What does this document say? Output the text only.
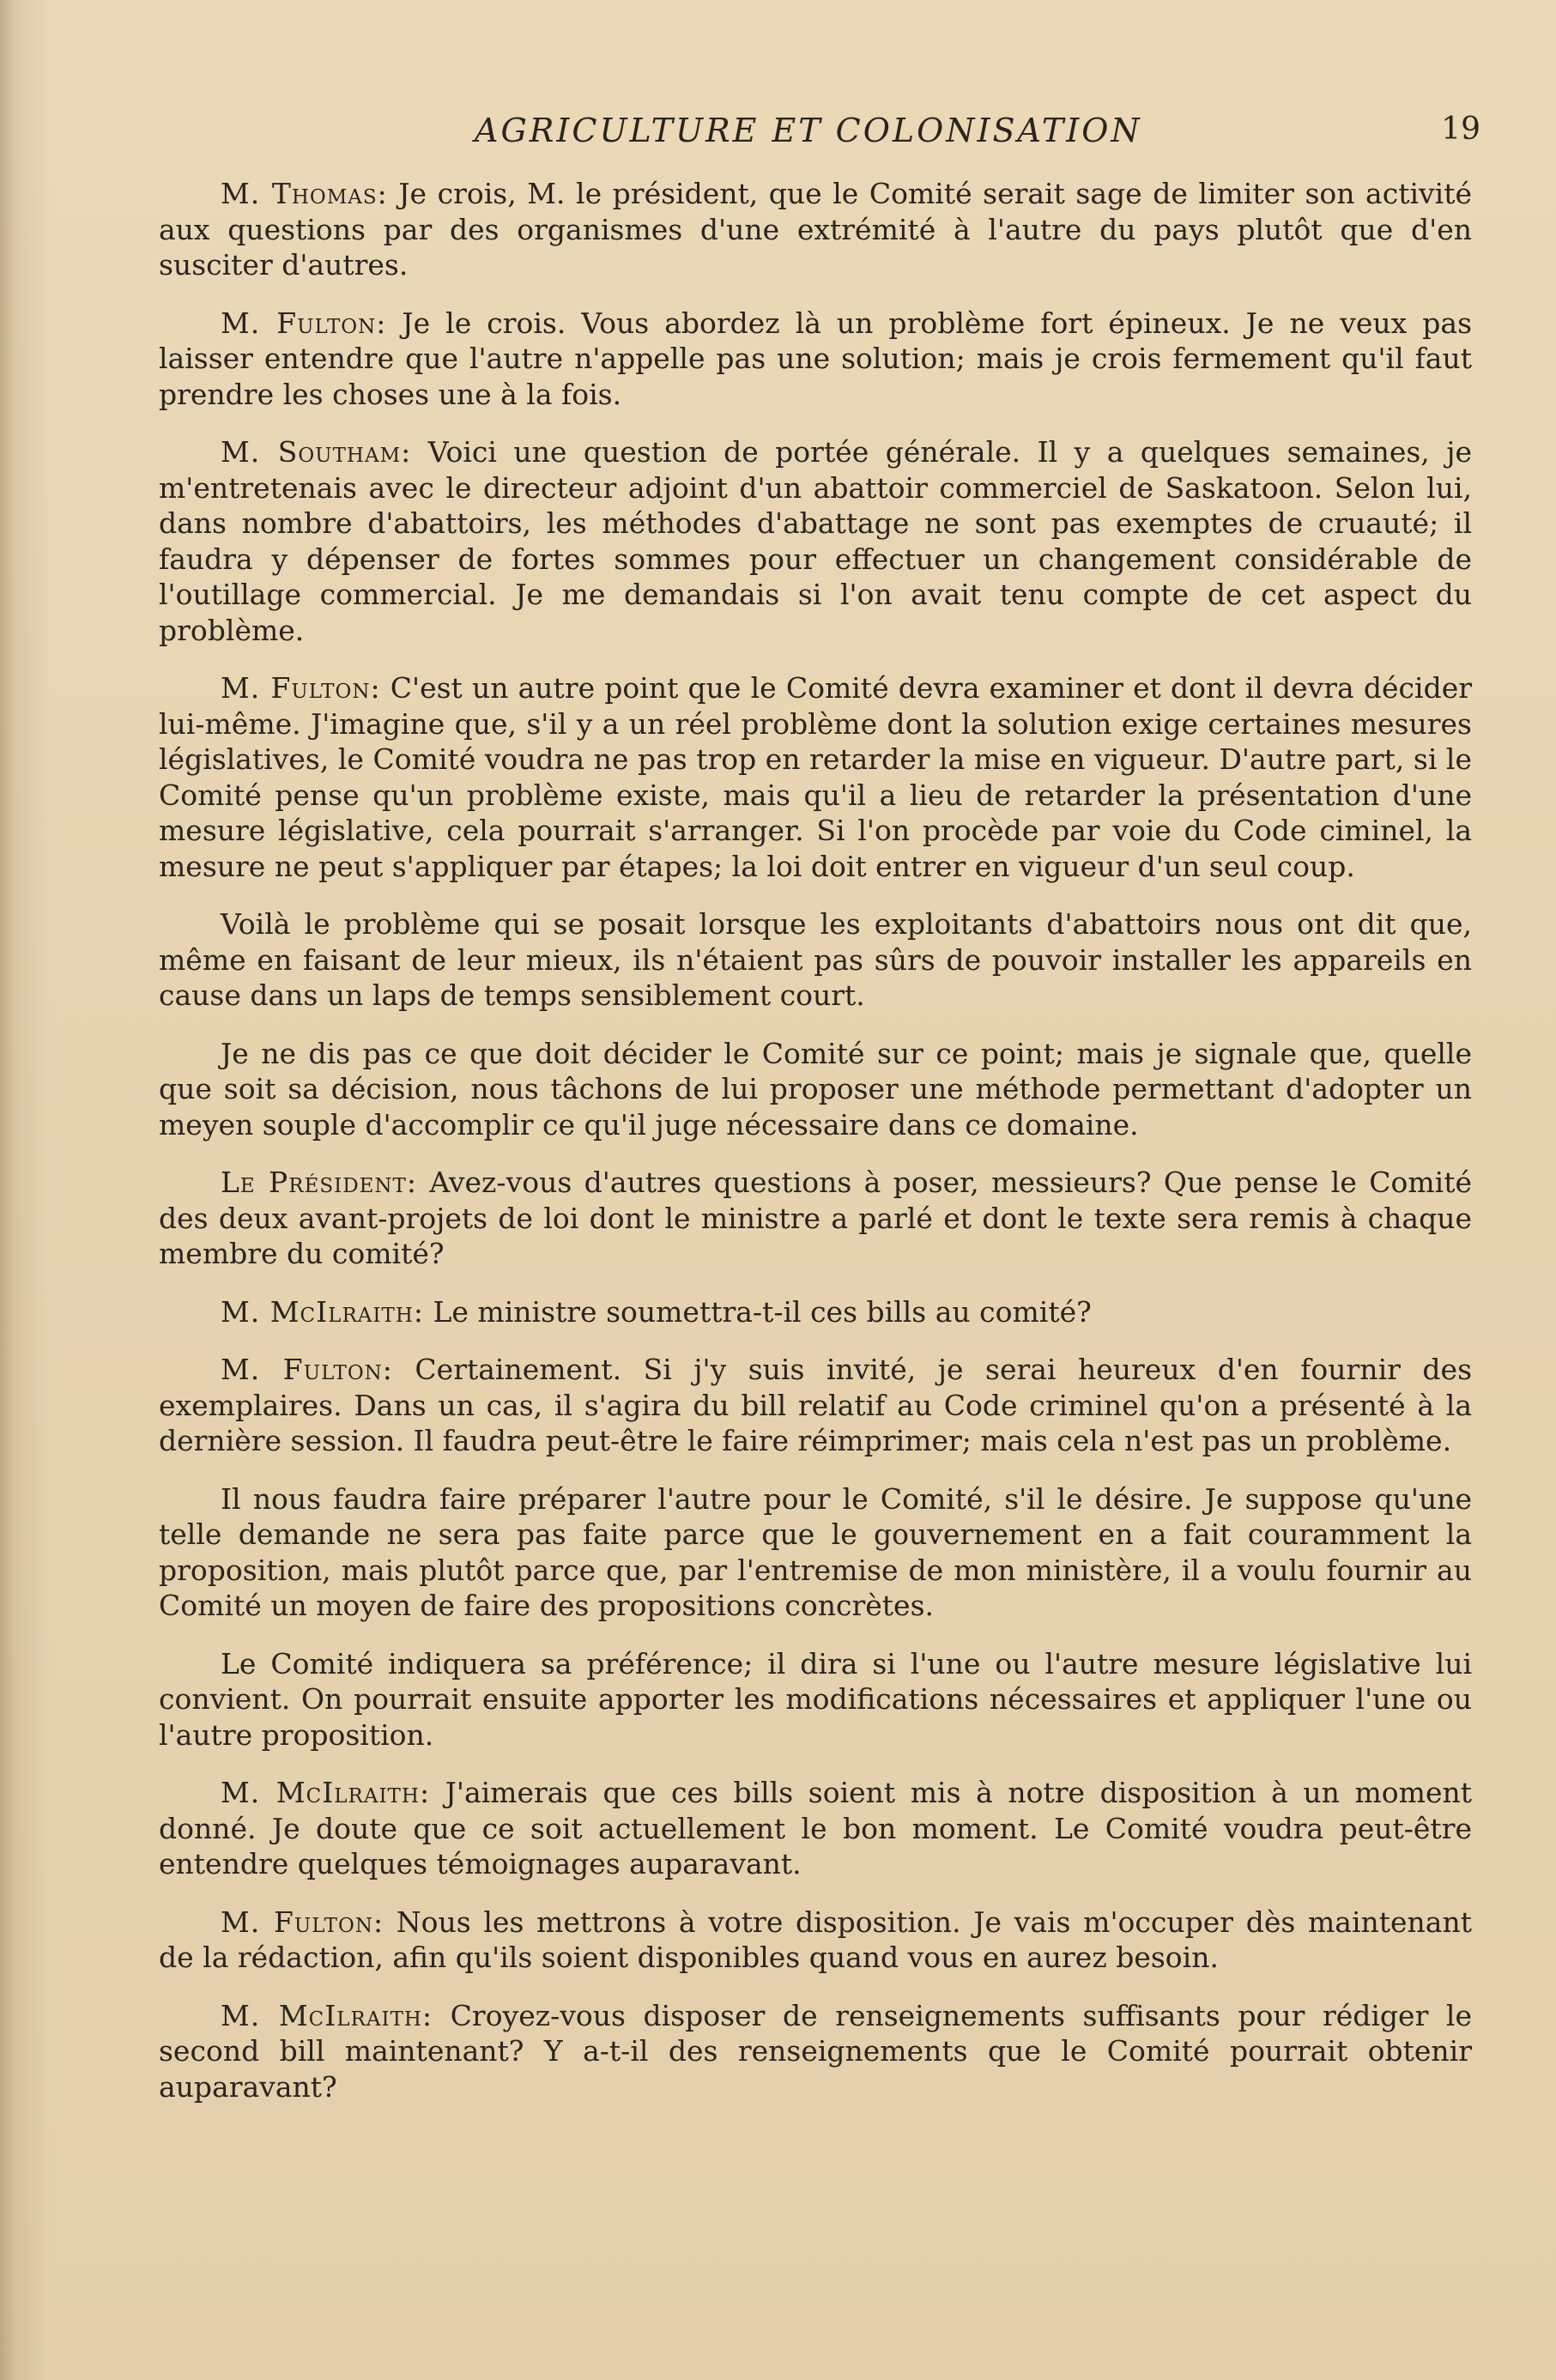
AGRICULTURE ET COLONISATION	19

M. Thomas: Je crois, M. le président, que le Comité serait sage de limiter son activité aux questions par des organismes d'une extrémité à l'autre du pays plutôt que d'en susciter d'autres.

M. Fulton: Je le crois. Vous abordez là un problème fort épineux. Je ne veux pas laisser entendre que l'autre n'appelle pas une solution; mais je crois fermement qu'il faut prendre les choses une à la fois.

M. Southam: Voici une question de portée générale. Il y a quelques semaines, je m'entretenais avec le directeur adjoint d'un abattoir commerciel de Saskatoon. Selon lui, dans nombre d'abattoirs, les méthodes d'abattage ne sont pas exemptes de cruauté; il faudra y dépenser de fortes sommes pour effectuer un changement considérable de l'outillage commercial. Je me demandais si l'on avait tenu compte de cet aspect du problème.

M. Fulton: C'est un autre point que le Comité devra examiner et dont il devra décider lui-même. J'imagine que, s'il y a un réel problème dont la solution exige certaines mesures législatives, le Comité voudra ne pas trop en retarder la mise en vigueur. D'autre part, si le Comité pense qu'un problème existe, mais qu'il a lieu de retarder la présentation d'une mesure législative, cela pourrait s'arranger. Si l'on procède par voie du Code ciminel, la mesure ne peut s'appliquer par étapes; la loi doit entrer en vigueur d'un seul coup.

Voilà le problème qui se posait lorsque les exploitants d'abattoirs nous ont dit que, même en faisant de leur mieux, ils n'étaient pas sûrs de pouvoir installer les appareils en cause dans un laps de temps sensiblement court.

Je ne dis pas ce que doit décider le Comité sur ce point; mais je signale que, quelle que soit sa décision, nous tâchons de lui proposer une méthode permettant d'adopter un meyen souple d'accomplir ce qu'il juge nécessaire dans ce domaine.

Le Président: Avez-vous d'autres questions à poser, messieurs? Que pense le Comité des deux avant-projets de loi dont le ministre a parlé et dont le texte sera remis à chaque membre du comité?

M. McIlraith: Le ministre soumettra-t-il ces bills au comité?

M. Fulton: Certainement. Si j'y suis invité, je serai heureux d'en fournir des exemplaires. Dans un cas, il s'agira du bill relatif au Code criminel qu'on a présenté à la dernière session. Il faudra peut-être le faire réimprimer; mais cela n'est pas un problème.

Il nous faudra faire préparer l'autre pour le Comité, s'il le désire. Je suppose qu'une telle demande ne sera pas faite parce que le gouvernement en a fait couramment la proposition, mais plutôt parce que, par l'entremise de mon ministère, il a voulu fournir au Comité un moyen de faire des propositions concrètes.

Le Comité indiquera sa préférence; il dira si l'une ou l'autre mesure législative lui convient. On pourrait ensuite apporter les modifications nécessaires et appliquer l'une ou l'autre proposition.

M. McIlraith: J'aimerais que ces bills soient mis à notre disposition à un moment donné. Je doute que ce soit actuellement le bon moment. Le Comité voudra peut-être entendre quelques témoignages auparavant.

M. Fulton: Nous les mettrons à votre disposition. Je vais m'occuper dès maintenant de la rédaction, afin qu'ils soient disponibles quand vous en aurez besoin.

M. McIlraith: Croyez-vous disposer de renseignements suffisants pour rédiger le second bill maintenant? Y a-t-il des renseignements que le Comité pourrait obtenir auparavant?
